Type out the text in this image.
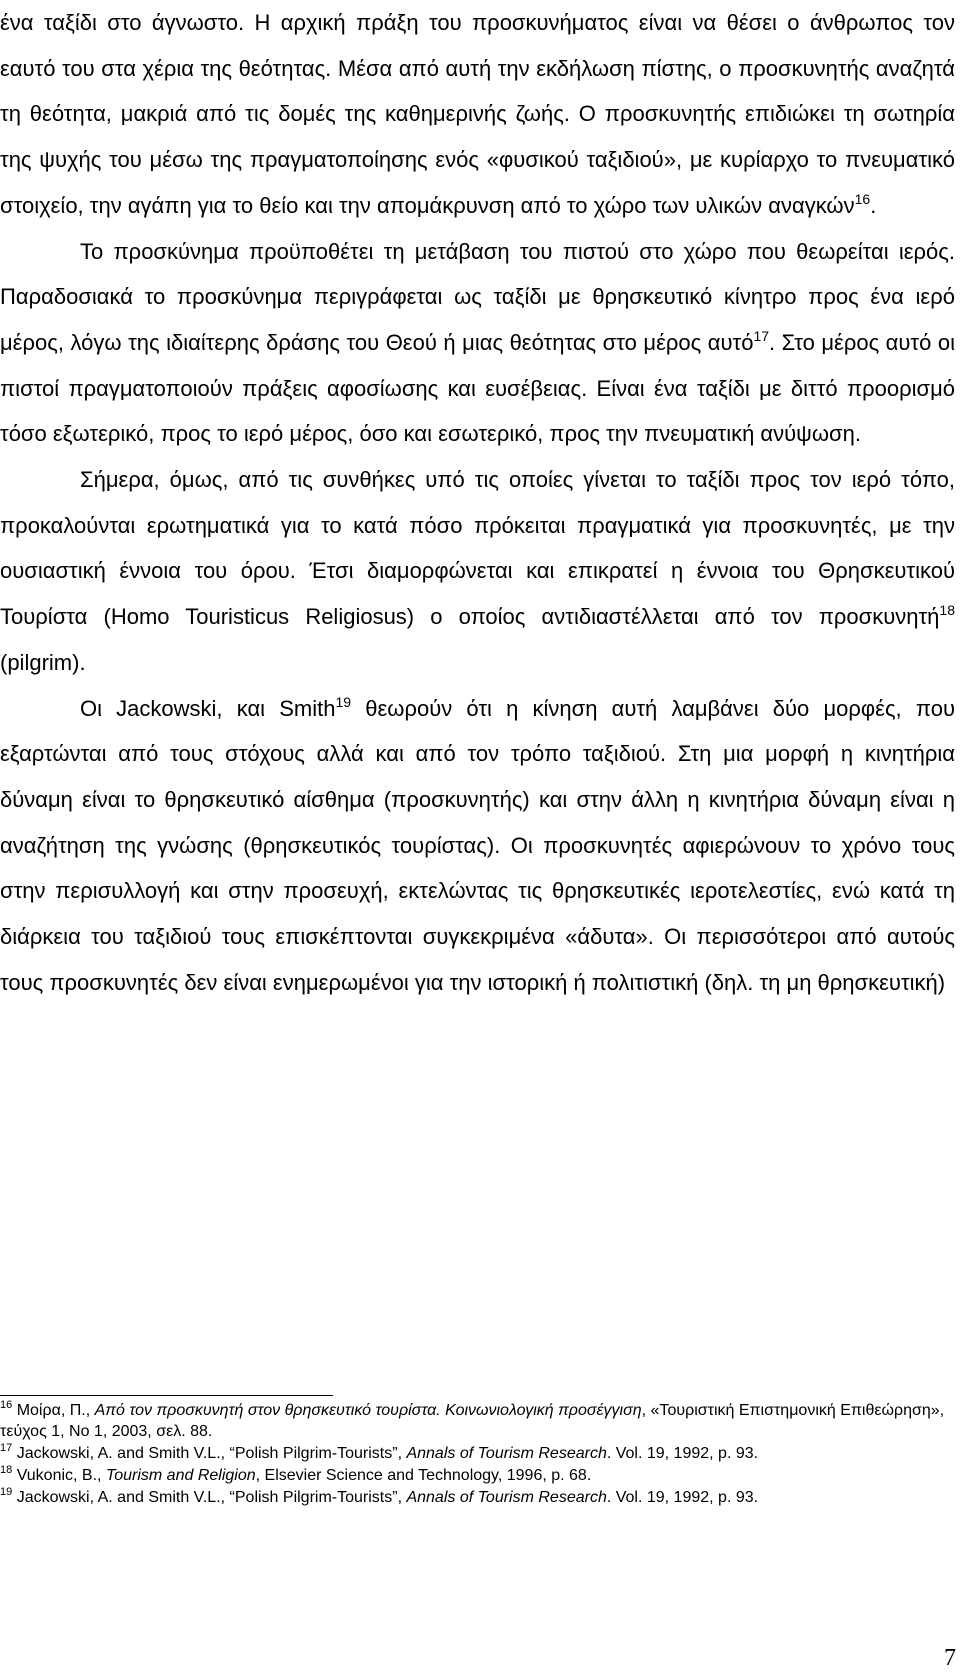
ένα ταξίδι στο άγνωστο. Η αρχική πράξη του προσκυνήματος είναι να θέσει ο άνθρωπος τον εαυτό του στα χέρια της θεότητας. Μέσα από αυτή την εκδήλωση πίστης, ο προσκυνητής αναζητά τη θεότητα, μακριά από τις δομές της καθημερινής ζωής. Ο προσκυνητής επιδιώκει τη σωτηρία της ψυχής του μέσω της πραγματοποίησης ενός «φυσικού ταξιδιού», με κυρίαρχο το πνευματικό στοιχείο, την αγάπη για το θείο και την απομάκρυνση από το χώρο των υλικών αναγκών$^{16}$.

Το προσκύνημα προϋποθέτει τη μετάβαση του πιστού στο χώρο που θεωρείται ιερός. Παραδοσιακά το προσκύνημα περιγράφεται ως ταξίδι με θρησκευτικό κίνητρο προς ένα ιερό μέρος, λόγω της ιδιαίτερης δράσης του Θεού ή μιας θεότητας στο μέρος αυτό$^{17}$. Στο μέρος αυτό οι πιστοί πραγματοποιούν πράξεις αφοσίωσης και ευσέβειας. Είναι ένα ταξίδι με διττό προορισμό τόσο εξωτερικό, προς το ιερό μέρος, όσο και εσωτερικό, προς την πνευματική ανύψωση.

Σήμερα, όμως, από τις συνθήκες υπό τις οποίες γίνεται το ταξίδι προς τον ιερό τόπο, προκαλούνται ερωτηματικά για το κατά πόσο πρόκειται πραγματικά για προσκυνητές, με την ουσιαστική έννοια του όρου. Έτσι διαμορφώνεται και επικρατεί η έννοια του Θρησκευτικού Τουρίστα (Homo Touristicus Religiosus) ο οποίος αντιδιαστέλλεται από τον προσκυνητή$^{18}$ (pilgrim).

Οι Jackowski, και Smith$^{19}$ θεωρούν ότι η κίνηση αυτή λαμβάνει δύο μορφές, που εξαρτώνται από τους στόχους αλλά και από τον τρόπο ταξιδιού. Στη μια μορφή η κινητήρια δύναμη είναι το θρησκευτικό αίσθημα (προσκυνητής) και στην άλλη η κινητήρια δύναμη είναι η αναζήτηση της γνώσης (θρησκευτικός τουρίστας). Οι προσκυνητές αφιερώνουν το χρόνο τους στην περισυλλογή και στην προσευχή, εκτελώντας τις θρησκευτικές ιεροτελεστίες, ενώ κατά τη διάρκεια του ταξιδιού τους επισκέπτονται συγκεκριμένα «άδυτα». Οι περισσότεροι από αυτούς τους προσκυνητές δεν είναι ενημερωμένοι για την ιστορική ή πολιτιστική (δηλ. τη μη θρησκευτική)

$^{16}$ Μοίρα, Π., Από τον προσκυνητή στον θρησκευτικό τουρίστα. Κοινωνιολογική προσέγγιση, «Τουριστική Επιστημονική Επιθεώρηση», τεύχος 1, No 1, 2003, σελ. 88.

$^{17}$ Jackowski, A. and Smith V.L., “Polish Pilgrim-Tourists”, Annals of Tourism Research. Vol. 19, 1992, p. 93.

$^{18}$ Vukonic, B., Tourism and Religion, Elsevier Science and Technology, 1996, p. 68.

$^{19}$ Jackowski, A. and Smith V.L., “Polish Pilgrim-Tourists”, Annals of Tourism Research. Vol. 19, 1992, p. 93.

7
